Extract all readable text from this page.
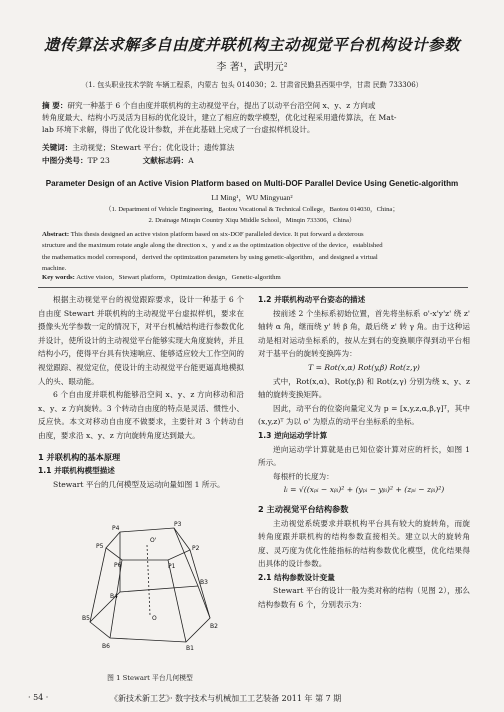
遗传算法求解多自由度并联机构主动视觉平台机构设计参数
李 著¹，武明元²
（1. 包头职业技术学院 车辆工程系，内蒙古 包头 014030；2. 甘肃省民勤县西渠中学，甘肃 民勤 733306）
摘 要：研究一种基于 6 个自由度并联机构的主动视觉平台，提出了以动平台沿空间 x、y、z 方向或
转角度最大、结构小巧灵活为目标的优化设计，建立了相应的数学模型，优化过程采用遗传算法，在 Mat-
lab 环境下求解，得出了优化设计参数，并在此基础上完成了一台虚拟样机设计。
关键词：主动视觉；Stewart 平台；优化设计；遗传算法
中图分类号：TP 23	文献标志码：A
Parameter Design of an Active Vision Platform based on Multi-DOF Parallel Device Using Genetic-algorithm
LI Ming¹，WU Mingyuan²
（1. Department of Vehicle Engineering，Baotou Vocational & Technical College，Baotou 014030，China；
2. Drainage Minqin Country Xiqu Middle School，Minqin 733306，China）
Abstract: This thesis designed an active vision platform based on six-DOF paralleled device. It put forward a dexterous
structure and the maximum rotate angle along the direction x、y and z as the optimization objective of the device，established
the mathematics model correspond，derived the optimization parameters by using genetic-algorithm，and designed a virtual
machine.
Key words: Active vision，Stewart platform，Optimization design，Genetic-algorithm

根据主动视觉平台的视觉跟踪要求，设计一种基于 6 个自由度 Stewart 并联机构的主动视觉平台虚拟样机，要求在摄像头光学参数一定的情况下，对平台机械结构进行参数优化并设计，使所设计的主动视觉平台能够实现大角度旋转，并且结构小巧，使得平台具有快速响应、能够适应较大工作空间的视觉跟踪、视觉定位，使设计的主动视觉平台能更逼真地模拟人的头、眼动能。

6 个自由度并联机构能够沿空间 x、y、z 方向移动和沿 x、y、z 方向旋转。3 个转动自由度的特点是灵活、惯性小、反应快。本文对移动自由度不做要求，主要针对 3 个转动自由度，要求沿 x、y、z 方向旋转角度达到最大。

1 并联机构的基本原理
1.1 并联机构模型描述

Stewart 平台的几何模型及运动向量如图 1 所示。

P4
P3
P5	P2
P6	P1
B4
B3
B5
B2
B6	B1
O'
O
图 1 Stewart 平台几何模型
1.2 并联机构动平台姿态的描述

按前述 2 个坐标系初始位置，首先将坐标系 o'-x'y'z' 绕 z' 轴转 α 角，继而绕 y' 转 β 角，最后绕 z' 转 γ 角。由于这种运动是相对运动坐标系的，按从左到右的变换顺序得到动平台相对于基平台的旋转变换阵为：

T = Rot(x,α) Rot(y,β) Rot(z,γ)

式中，Rot(x,α)、Rot(y,β) 和 Rot(z,γ) 分别为绕 x、y、z 轴的旋转变换矩阵。

因此，动平台的位姿向量定义为 p = [x,y,z,α,β,γ]ᵀ，其中 (x,y,z)ᵀ 为以 o' 为原点的动平台坐标系的坐标。

1.3 逆向运动学计算

逆向运动学计算就是由已知位姿计算对应的杆长，如图 1 所示。

每根杆的长度为：

lᵢ = √((xₚᵢ − xᵦᵢ)² + (yₚᵢ − yᵦᵢ)² + (zₚᵢ − zᵦᵢ)²)
2 主动视觉平台结构参数

主动视觉系统要求并联机构平台具有较大的旋转角，而旋转角度跟并联机构的结构参数直接相关。建立以大的旋转角度、灵巧度为优化性能指标的结构参数优化模型，优化结果得出具体的设计参数。

2.1 结构参数设计变量

Stewart 平台的设计一般为类对称的结构（见图 2），那么结构参数有 6 个，分别表示为：

· 54 ·	《新技术新工艺》· 数字技术与机械加工工艺装备 2011 年 第 7 期
